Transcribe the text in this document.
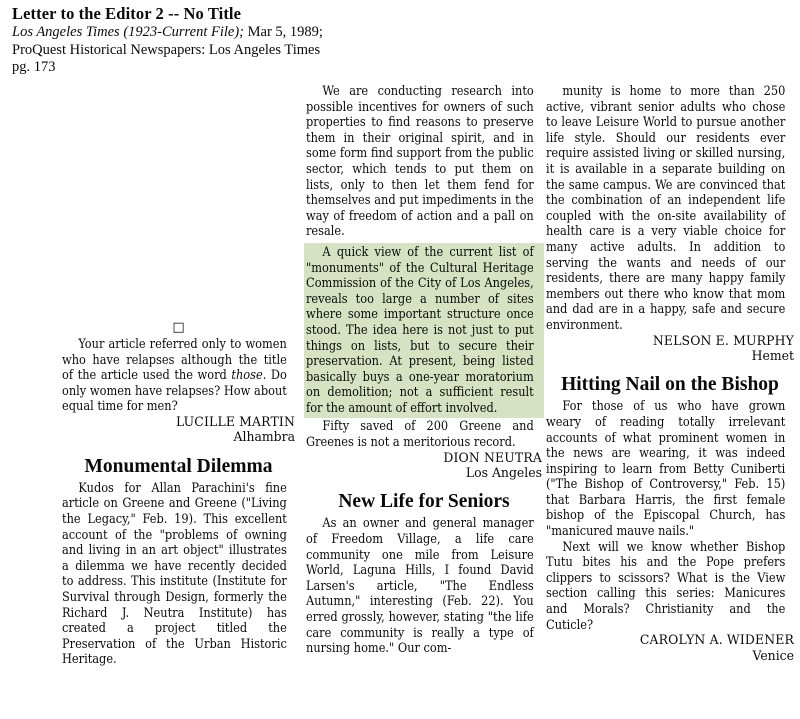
Letter to the Editor 2 -- No Title
Los Angeles Times (1923-Current File); Mar 5, 1989;
ProQuest Historical Newspapers: Los Angeles Times
pg. 173
□

Your article referred only to women who have relapses although the title of the article used the word those. Do only women have relapses? How about equal time for men?

LUCILLE MARTIN
Alhambra
Monumental Dilemma

Kudos for Allan Parachini's fine article on Greene and Greene ("Living the Legacy," Feb. 19). This excellent account of the "problems of owning and living in an art object" illustrates a dilemma we have recently decided to address. This institute (Institute for Survival through Design, formerly the Richard J. Neutra Institute) has created a project titled the Preservation of the Urban Historic Heritage.

We are conducting research into possible incentives for owners of such properties to find reasons to preserve them in their original spirit, and in some form find support from the public sector, which tends to put them on lists, only to then let them fend for themselves and put impediments in the way of freedom of action and a pall on resale.

A quick view of the current list of "monuments" of the Cultural Heritage Commission of the City of Los Angeles, reveals too large a number of sites where some important structure once stood. The idea here is not just to put things on lists, but to secure their preservation. At present, being listed basically buys a one-year moratorium on demolition; not a sufficient result for the amount of effort involved.

Fifty saved of 200 Greene and Greenes is not a meritorious record.

DION NEUTRA
Los Angeles
New Life for Seniors

As an owner and general manager of Freedom Village, a life care community one mile from Leisure World, Laguna Hills, I found David Larsen's article, "The Endless Autumn," interesting (Feb. 22). You erred grossly, however, stating "the life care community is really a type of nursing home." Our com-

munity is home to more than 250 active, vibrant senior adults who chose to leave Leisure World to pursue another life style. Should our residents ever require assisted living or skilled nursing, it is available in a separate building on the same campus. We are convinced that the combination of an independent life coupled with the on-site availability of health care is a very viable choice for many active adults. In addition to serving the wants and needs of our residents, there are many happy family members out there who know that mom and dad are in a happy, safe and secure environment.

NELSON E. MURPHY
Hemet
Hitting Nail on the Bishop

For those of us who have grown weary of reading totally irrelevant accounts of what prominent women in the news are wearing, it was indeed inspiring to learn from Betty Cuniberti ("The Bishop of Controversy," Feb. 15) that Barbara Harris, the first female bishop of the Episcopal Church, has "manicured mauve nails."

Next will we know whether Bishop Tutu bites his and the Pope prefers clippers to scissors? What is the View section calling this series: Manicures and Morals? Christianity and the Cuticle?

CAROLYN A. WIDENER
Venice
